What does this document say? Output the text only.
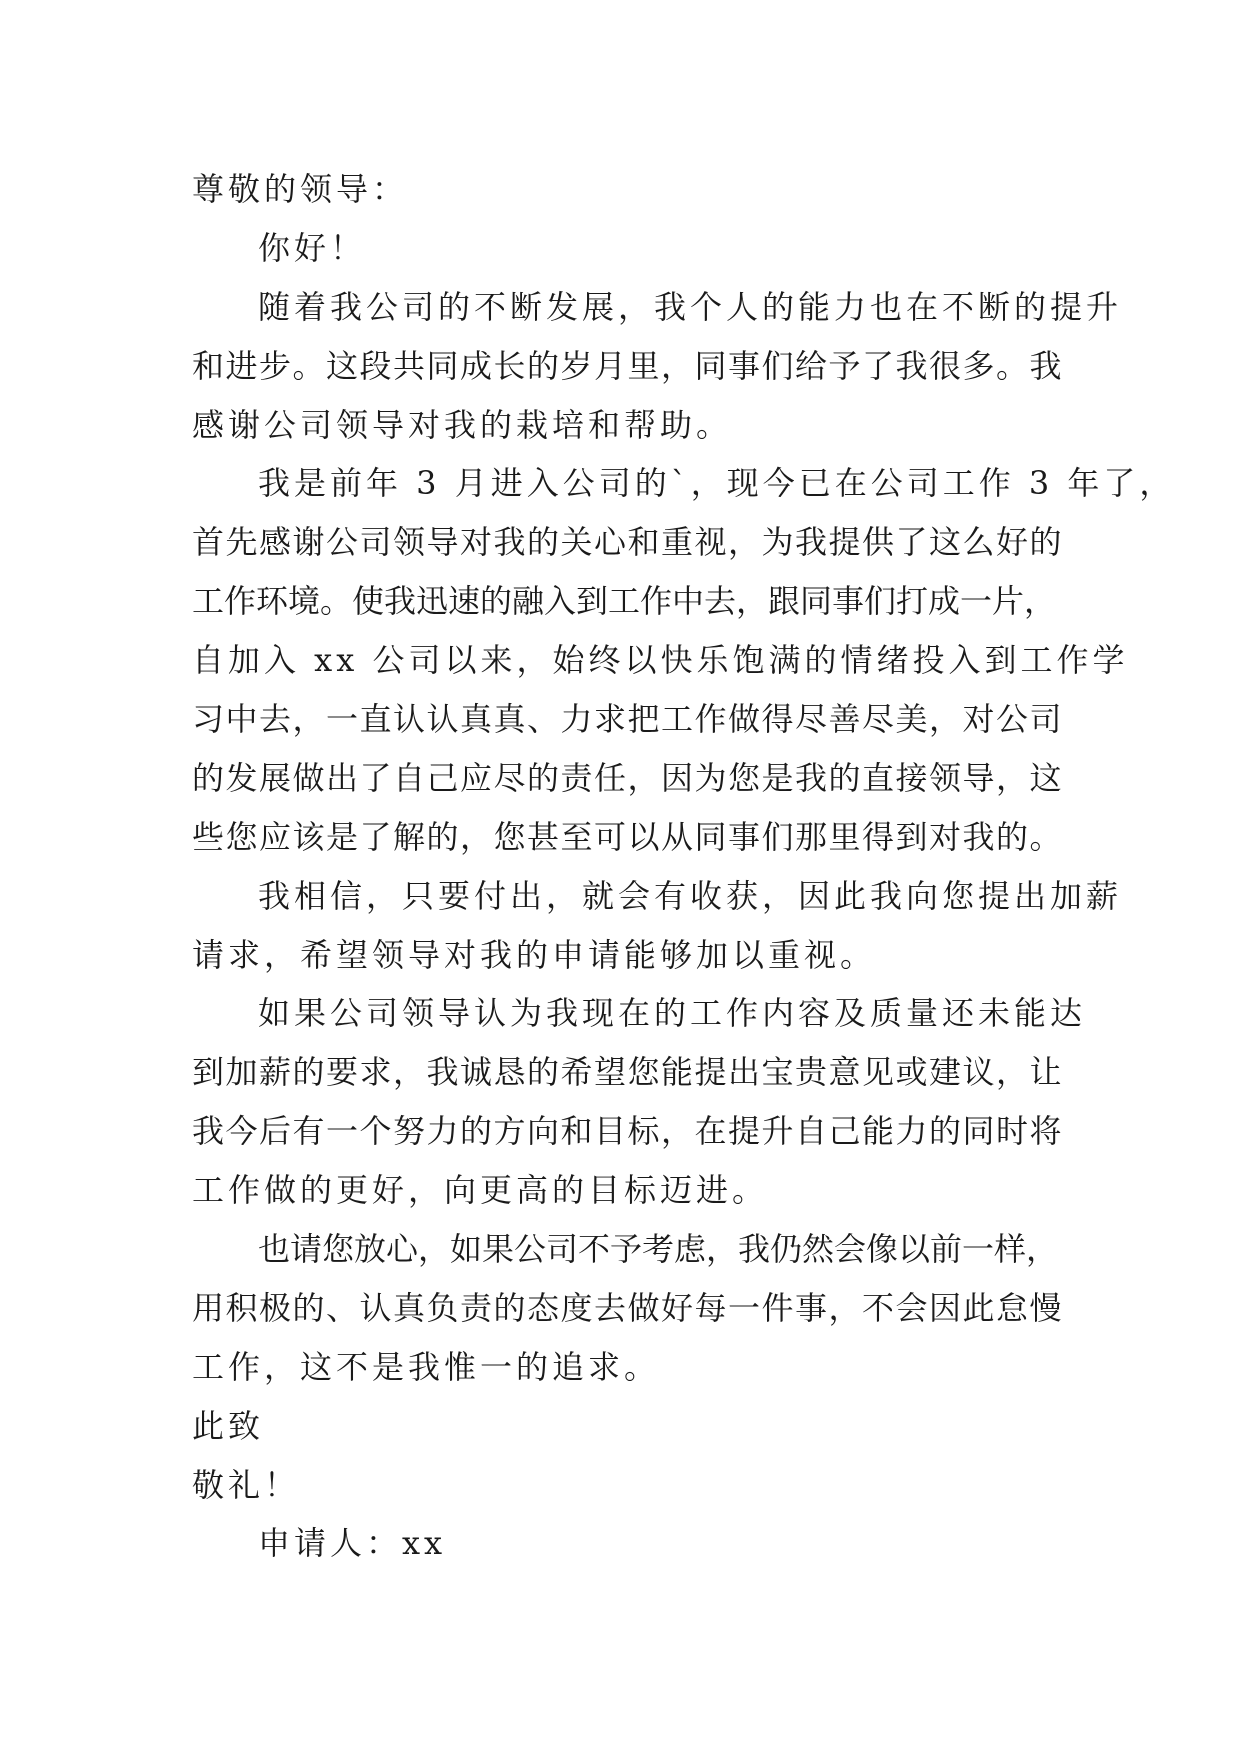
尊敬的领导：
你好！
随着我公司的不断发展，我个人的能力也在不断的提升
和进步。这段共同成长的岁月里，同事们给予了我很多。我
感谢公司领导对我的栽培和帮助。
我是前年 3 月进入公司的`，现今已在公司工作 3 年了，
首先感谢公司领导对我的关心和重视，为我提供了这么好的
工作环境。使我迅速的融入到工作中去，跟同事们打成一片，
自加入 xx 公司以来，始终以快乐饱满的情绪投入到工作学
习中去，一直认认真真、力求把工作做得尽善尽美，对公司
的发展做出了自己应尽的责任，因为您是我的直接领导，这
些您应该是了解的，您甚至可以从同事们那里得到对我的。
我相信，只要付出，就会有收获，因此我向您提出加薪
请求，希望领导对我的申请能够加以重视。
如果公司领导认为我现在的工作内容及质量还未能达
到加薪的要求，我诚恳的希望您能提出宝贵意见或建议，让
我今后有一个努力的方向和目标，在提升自己能力的同时将
工作做的更好，向更高的目标迈进。
也请您放心，如果公司不予考虑，我仍然会像以前一样，
用积极的、认真负责的态度去做好每一件事，不会因此怠慢
工作，这不是我惟一的追求。
此致
敬礼！
申请人：xx
